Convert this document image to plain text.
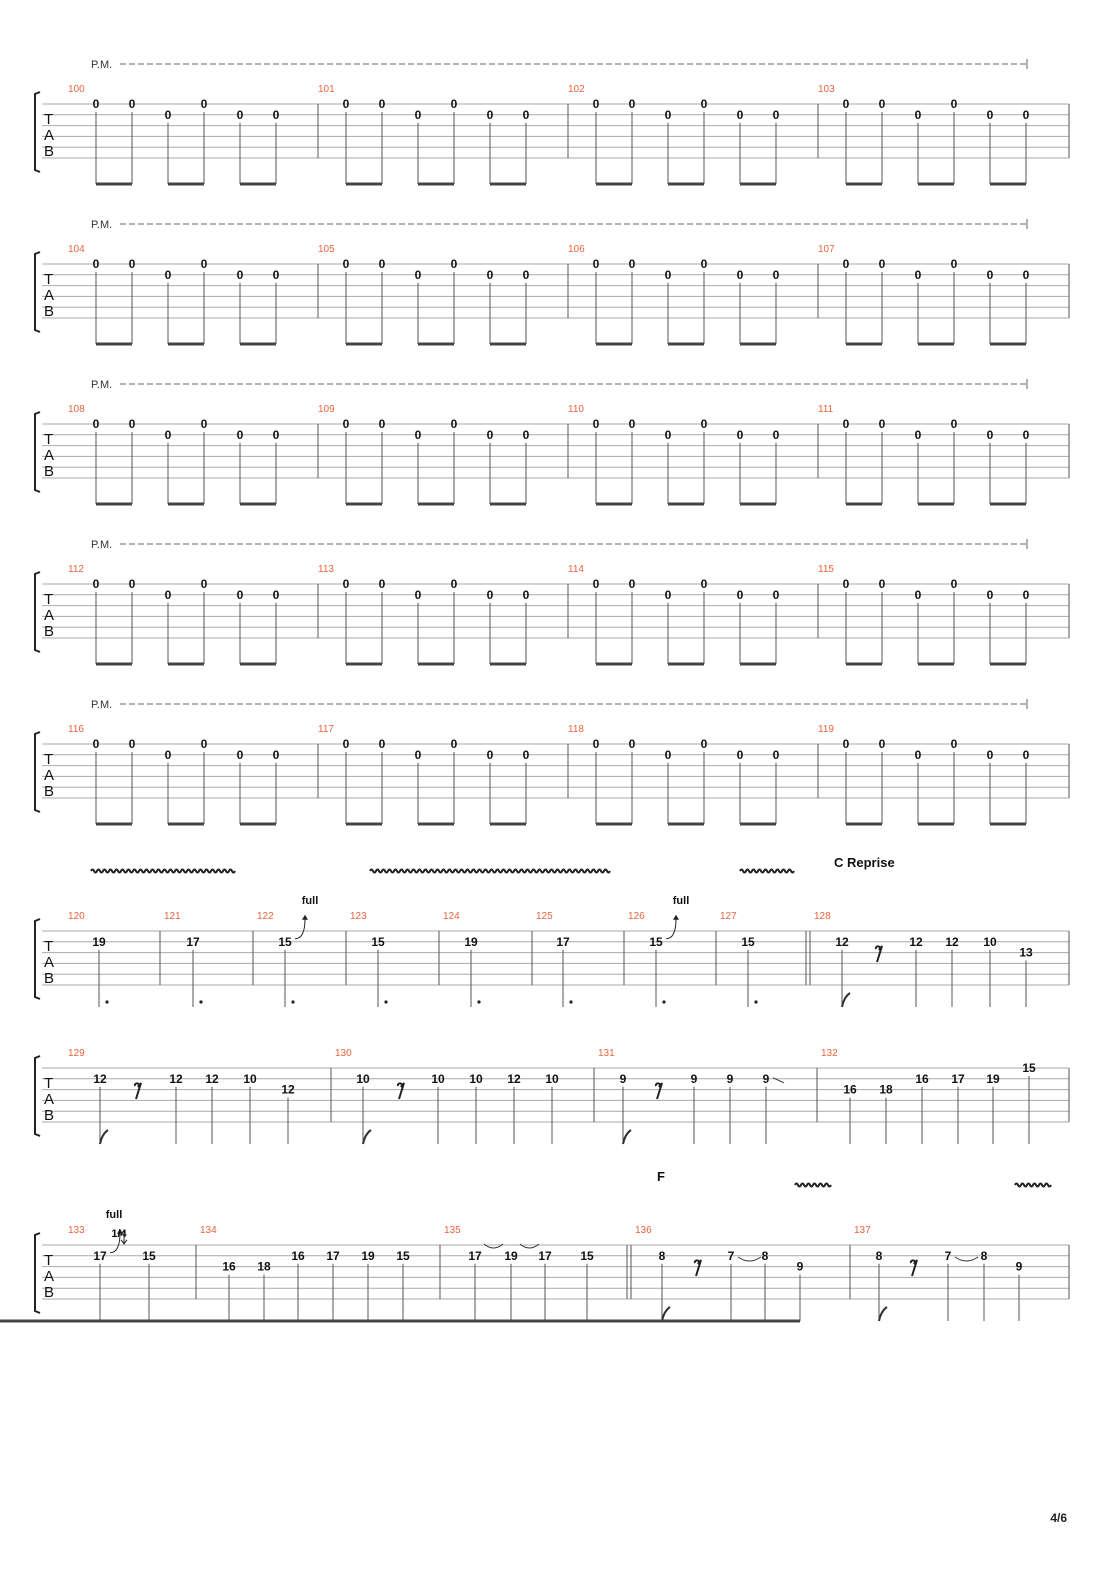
T
A
B
P.M.
100
0 0
0
0
0 0
101
0 0
0
0
0 0
102
0 0
0
0
0 0
103
0 0
0
0
0 0
T
A
B
P.M.
104
0 0
0
0
0 0
105
0 0
0
0
0 0
106
0 0
0
0
0 0
107
0 0
0
0
0 0
T
A
B
P.M.
108
0 0
0
0
0 0
109
0 0
0
0
0 0
110
0 0
0
0
0 0
111
0 0
0
0
0 0
T
A
B
P.M.
112
0 0
0
0
0 0
113
0 0
0
0
0 0
114
0 0
0
0
0 0
115
0 0
0
0
0 0
T
A
B
P.M.
116
0 0
0
0
0 0
117
0 0
0
0
0 0
118
0 0
0
0
0 0
119
0 0
0
0
0 0
T
A
B
120
19
121
17
122
15
full
123
15
124
19
125
17
126
15
full
127
15
128
C Reprise
12	12 12 10
13
T
A
B
129
12	12 12 10
12
130
10	10 10 12 10
131
9	9 9 9
132
16 18
16 17 19
15
T
A
B
133
17
full
1/4
15
134
16 18
16 17 19 15
135
17 19 17 15
136
F
8	7 8
9
137
8	7 8
9
4/6
